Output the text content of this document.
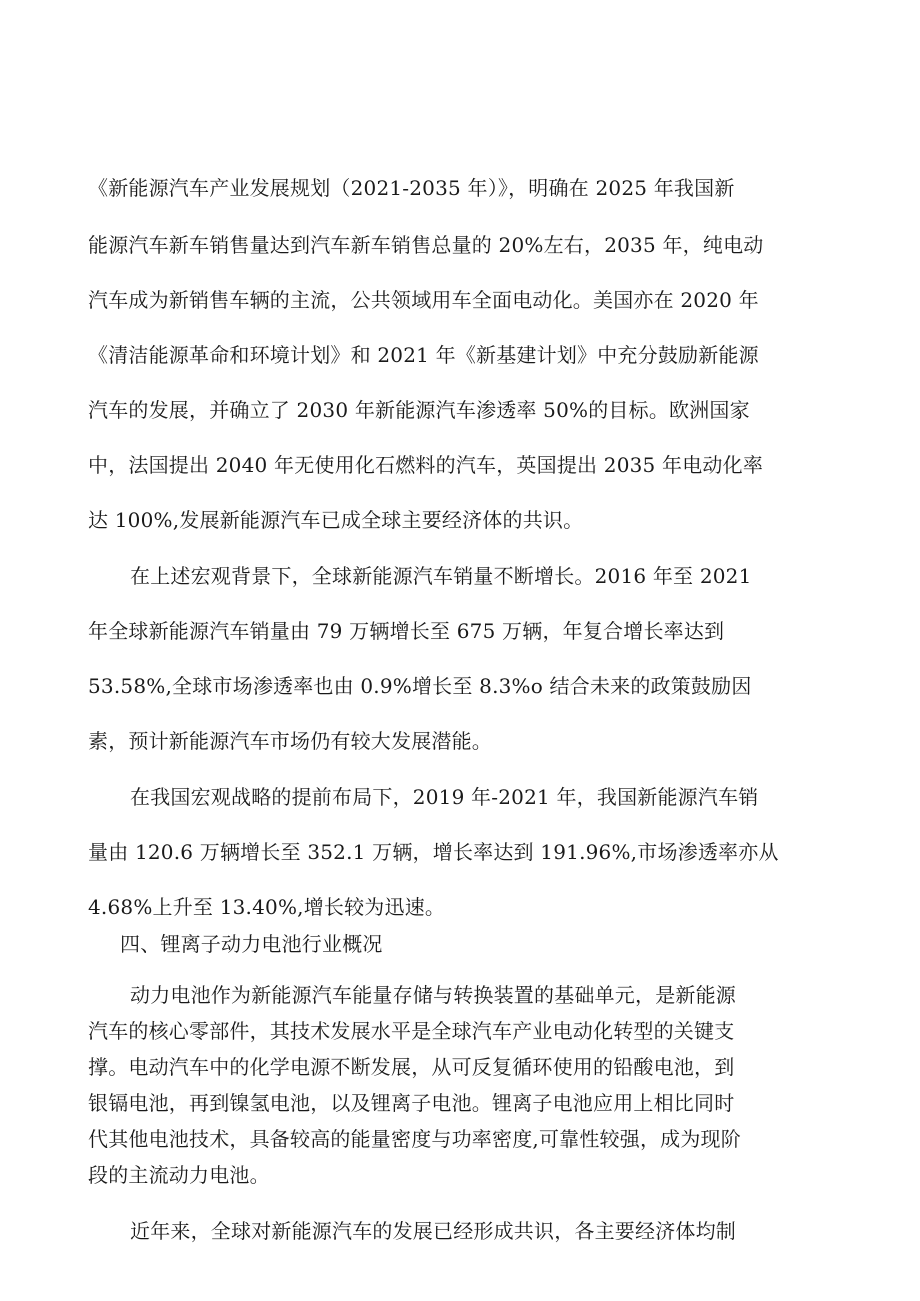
《新能源汽车产业发展规划（2021-2035 年）》，明确在 2025 年我国新
能源汽车新车销售量达到汽车新车销售总量的 20%左右，2035 年，纯电动
汽车成为新销售车辆的主流，公共领域用车全面电动化。美国亦在 2020 年
《清洁能源革命和环境计划》和 2021 年《新基建计划》中充分鼓励新能源
汽车的发展，并确立了 2030 年新能源汽车渗透率 50%的目标。欧洲国家
中，法国提出 2040 年无使用化石燃料的汽车，英国提出 2035 年电动化率
达 100%,发展新能源汽车已成全球主要经济体的共识。
在上述宏观背景下，全球新能源汽车销量不断增长。2016 年至 2021
年全球新能源汽车销量由 79 万辆增长至 675 万辆，年复合增长率达到
53.58%,全球市场渗透率也由 0.9%增长至 8.3%o 结合未来的政策鼓励因
素，预计新能源汽车市场仍有较大发展潜能。
在我国宏观战略的提前布局下，2019 年-2021 年，我国新能源汽车销
量由 120.6 万辆增长至 352.1 万辆，增长率达到 191.96%,市场渗透率亦从
4.68%上升至 13.40%,增长较为迅速。
四、锂离子动力电池行业概况
动力电池作为新能源汽车能量存储与转换装置的基础单元，是新能源
汽车的核心零部件，其技术发展水平是全球汽车产业电动化转型的关键支
撑。电动汽车中的化学电源不断发展，从可反复循环使用的铅酸电池，到
银镉电池，再到镍氢电池，以及锂离子电池。锂离子电池应用上相比同时
代其他电池技术，具备较高的能量密度与功率密度,可靠性较强，成为现阶
段的主流动力电池。
近年来，全球对新能源汽车的发展已经形成共识，各主要经济体均制
